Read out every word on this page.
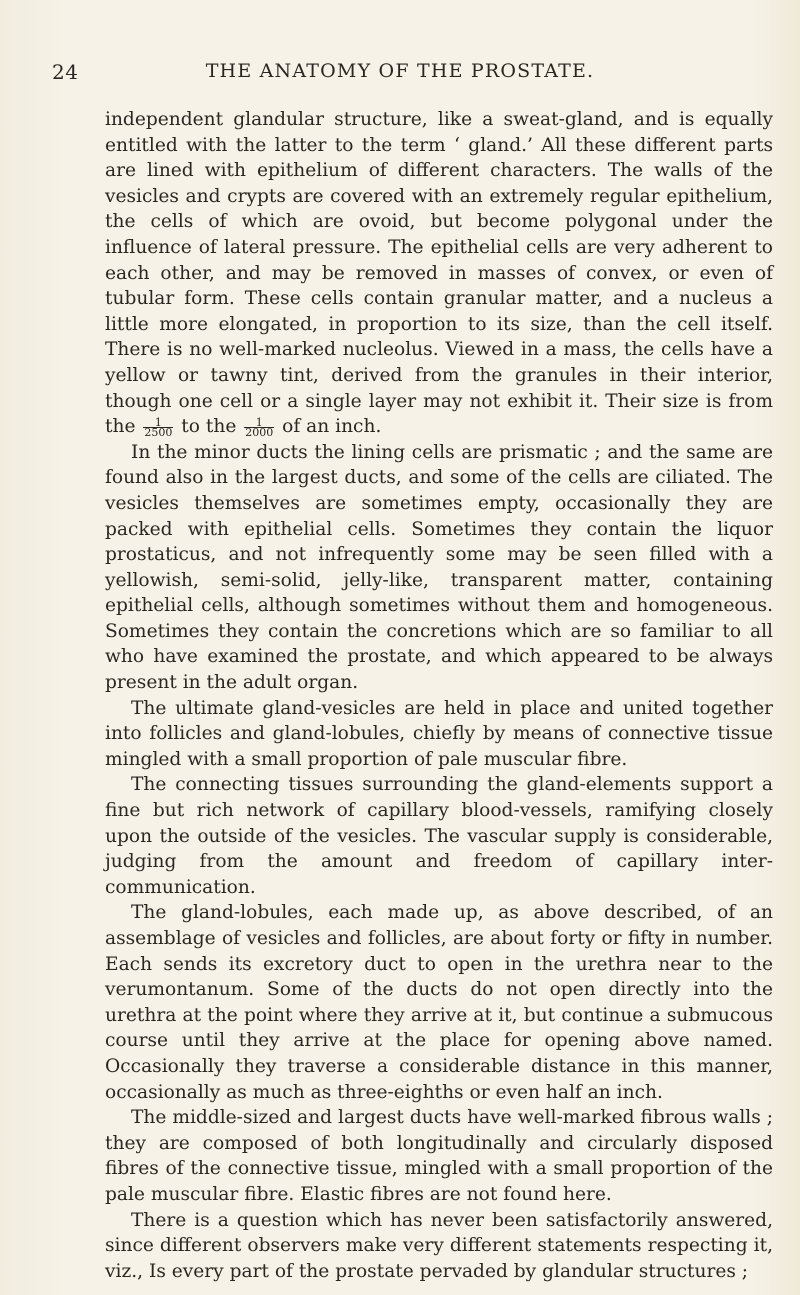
24	THE ANATOMY OF THE PROSTATE.

independent glandular structure, like a sweat-gland, and is equally entitled with the latter to the term ‘ gland.’ All these different parts are lined with epithelium of different characters. The walls of the vesicles and crypts are covered with an extremely regular epithelium, the cells of which are ovoid, but become polygonal under the influence of lateral pressure. The epithelial cells are very adherent to each other, and may be removed in masses of convex, or even of tubular form. These cells contain granular matter, and a nucleus a little more elongated, in proportion to its size, than the cell itself. There is no well-marked nucleolus. Viewed in a mass, the cells have a yellow or tawny tint, derived from the granules in their interior, though one cell or a single layer may not exhibit it. Their size is from the $\frac{1}{2500}$ to the $\frac{1}{2000}$ of an inch.

In the minor ducts the lining cells are prismatic ; and the same are found also in the largest ducts, and some of the cells are ciliated. The vesicles themselves are sometimes empty, occasionally they are packed with epithelial cells. Sometimes they contain the liquor prostaticus, and not infrequently some may be seen filled with a yellowish, semi-solid, jelly-like, transparent matter, containing epithelial cells, although sometimes without them and homogeneous. Sometimes they contain the concretions which are so familiar to all who have examined the prostate, and which appeared to be always present in the adult organ.

The ultimate gland-vesicles are held in place and united together into follicles and gland-lobules, chiefly by means of connective tissue mingled with a small proportion of pale muscular fibre.

The connecting tissues surrounding the gland-elements support a fine but rich network of capillary blood-vessels, ramifying closely upon the outside of the vesicles. The vascular supply is considerable, judging from the amount and freedom of capillary inter-communication.

The gland-lobules, each made up, as above described, of an assemblage of vesicles and follicles, are about forty or fifty in number. Each sends its excretory duct to open in the urethra near to the verumontanum. Some of the ducts do not open directly into the urethra at the point where they arrive at it, but continue a submucous course until they arrive at the place for opening above named. Occasionally they traverse a considerable distance in this manner, occasionally as much as three-eighths or even half an inch.

The middle-sized and largest ducts have well-marked fibrous walls ; they are composed of both longitudinally and circularly disposed fibres of the connective tissue, mingled with a small proportion of the pale muscular fibre. Elastic fibres are not found here.

There is a question which has never been satisfactorily answered, since different observers make very different statements respecting it, viz., Is every part of the prostate pervaded by glandular structures ;
